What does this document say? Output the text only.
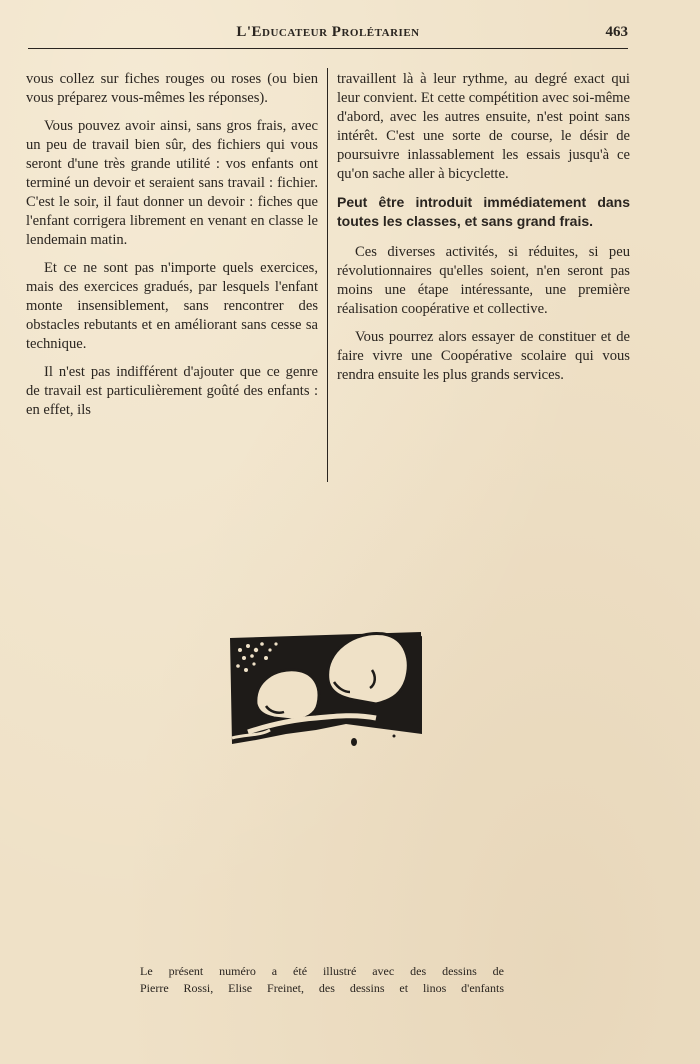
L'Educateur Prolétarien	463

vous collez sur fiches rouges ou roses (ou bien vous préparez vous-mêmes les réponses).

Vous pouvez avoir ainsi, sans gros frais, avec un peu de travail bien sûr, des fichiers qui vous seront d'une très grande utilité : vos enfants ont terminé un devoir et seraient sans travail : fichier. C'est le soir, il faut donner un devoir : fiches que l'enfant corrigera librement en venant en classe le lendemain matin.

Et ce ne sont pas n'importe quels exercices, mais des exercices gradués, par lesquels l'enfant monte insensiblement, sans rencontrer des obstacles rebutants et en améliorant sans cesse sa technique.

Il n'est pas indifférent d'ajouter que ce genre de travail est particulièrement goûté des enfants : en effet, ils

travaillent là à leur rythme, au degré exact qui leur convient. Et cette compétition avec soi-même d'abord, avec les autres ensuite, n'est point sans intérêt. C'est une sorte de course, le désir de poursuivre inlassablement les essais jusqu'à ce qu'on sache aller à bicyclette.

Peut être introduit immédiatement dans toutes les classes, et sans grand frais.

Ces diverses activités, si réduites, si peu révolutionnaires qu'elles soient, n'en seront pas moins une étape intéressante, une première réalisation coopérative et collective.

Vous pourrez alors essayer de constituer et de faire vivre une Coopérative scolaire qui vous rendra ensuite les plus grands services.

Le présent numéro a été illustré avec des dessins de
Pierre Rossi, Elise Freinet, des dessins et linos d'enfants
